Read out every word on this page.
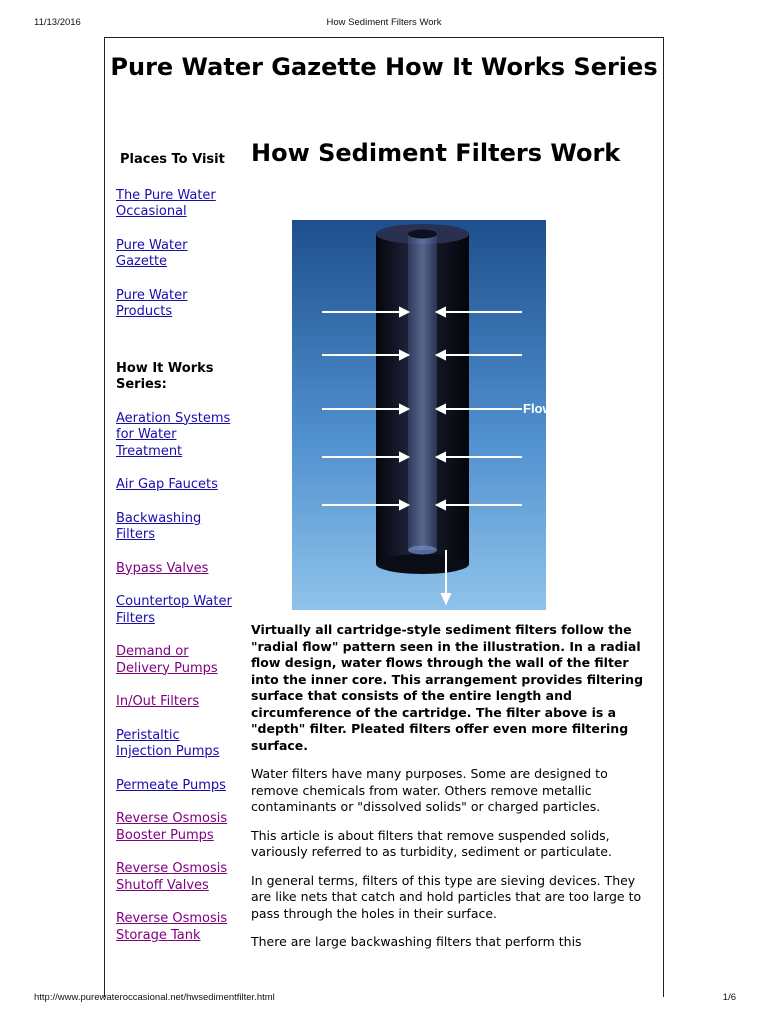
11/13/2016	How Sediment Filters Work
Pure Water Gazette How It Works Series
Places To Visit
The Pure Water Occasional
Pure Water Gazette
Pure Water Products
How It Works Series:
Aeration Systems for Water Treatment
Air Gap Faucets
Backwashing Filters
Bypass Valves
Countertop Water Filters
Demand or Delivery Pumps
In/Out Filters
Peristaltic Injection Pumps
Permeate Pumps
Reverse Osmosis Booster Pumps
Reverse Osmosis Shutoff Valves
Reverse Osmosis Storage Tank
How Sediment Filters Work
Flow

Virtually all cartridge-style sediment filters follow the "radial flow" pattern seen in the illustration. In a radial flow design, water flows through the wall of the filter into the inner core. This arrangement provides filtering surface that consists of the entire length and circumference of the cartridge. The filter above is a "depth" filter. Pleated filters offer even more filtering surface.

Water filters have many purposes. Some are designed to remove chemicals from water. Others remove metallic contaminants or "dissolved solids" or charged particles.

This article is about filters that remove suspended solids, variously referred to as turbidity, sediment or particulate.

In general terms, filters of this type are sieving devices. They are like nets that catch and hold particles that are too large to pass through the holes in their surface.

There are large backwashing filters that perform this

http://www.purewateroccasional.net/hwsedimentfilter.html	1/6
